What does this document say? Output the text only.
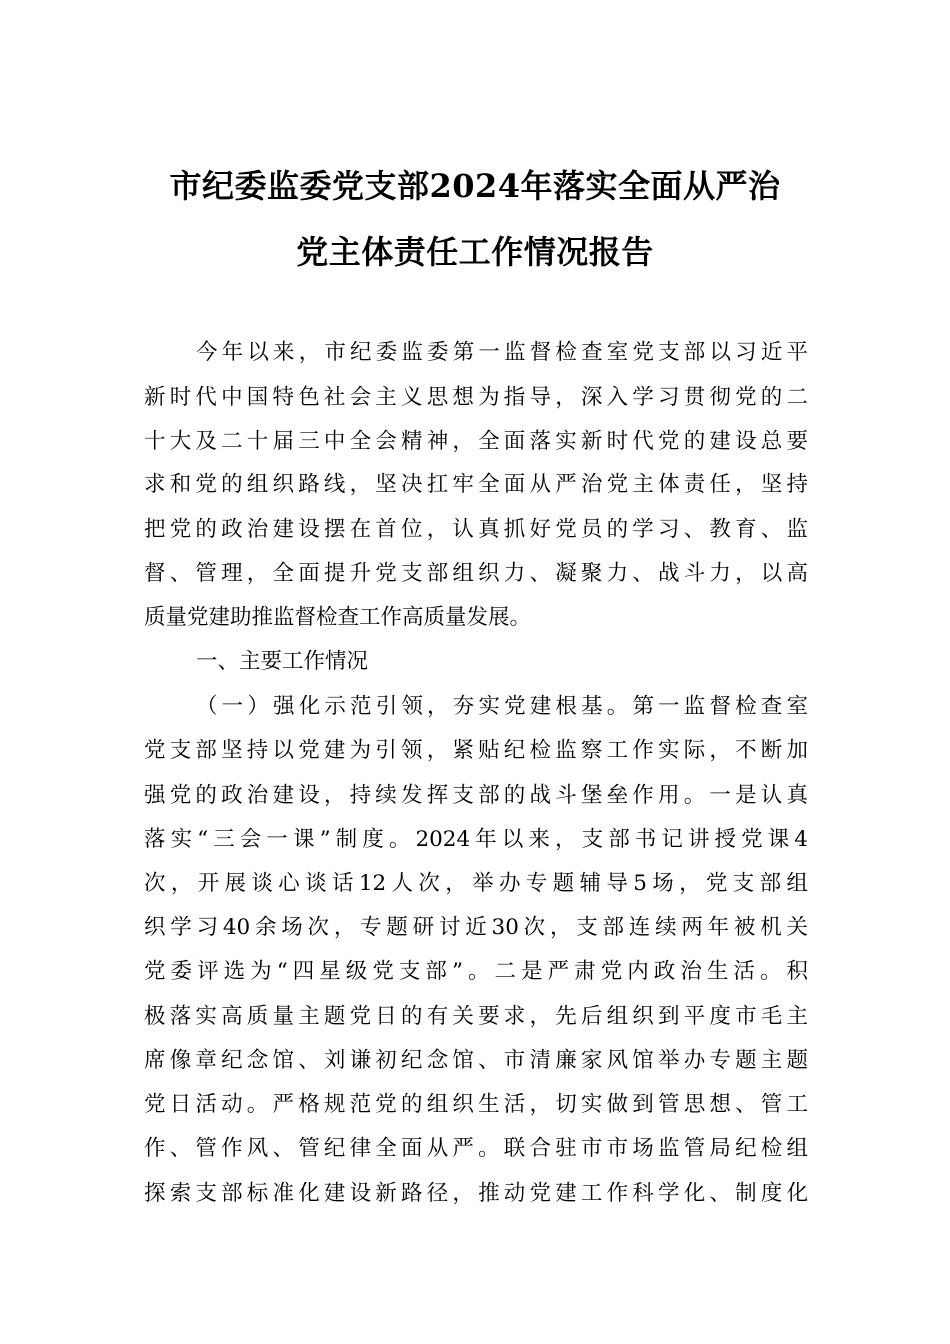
市纪委监委党支部2024年落实全面从严治
党主体责任工作情况报告
今年以来，市纪委监委第一监督检查室党支部以习近平
新时代中国特色社会主义思想为指导，深入学习贯彻党的二
十大及二十届三中全会精神，全面落实新时代党的建设总要
求和党的组织路线，坚决扛牢全面从严治党主体责任，坚持
把党的政治建设摆在首位，认真抓好党员的学习、教育、监
督、管理，全面提升党支部组织力、凝聚力、战斗力，以高
质量党建助推监督检查工作高质量发展。
一、主要工作情况
（一）强化示范引领，夯实党建根基。第一监督检查室
党支部坚持以党建为引领，紧贴纪检监察工作实际，不断加
强党的政治建设，持续发挥支部的战斗堡垒作用。一是认真
落实“三会一课”制度。2024年以来，支部书记讲授党课4
次，开展谈心谈话12人次，举办专题辅导5场，党支部组
织学习40余场次，专题研讨近30次，支部连续两年被机关
党委评选为“四星级党支部”。二是严肃党内政治生活。积
极落实高质量主题党日的有关要求，先后组织到平度市毛主
席像章纪念馆、刘谦初纪念馆、市清廉家风馆举办专题主题
党日活动。严格规范党的组织生活，切实做到管思想、管工
作、管作风、管纪律全面从严。联合驻市市场监管局纪检组
探索支部标准化建设新路径，推动党建工作科学化、制度化
